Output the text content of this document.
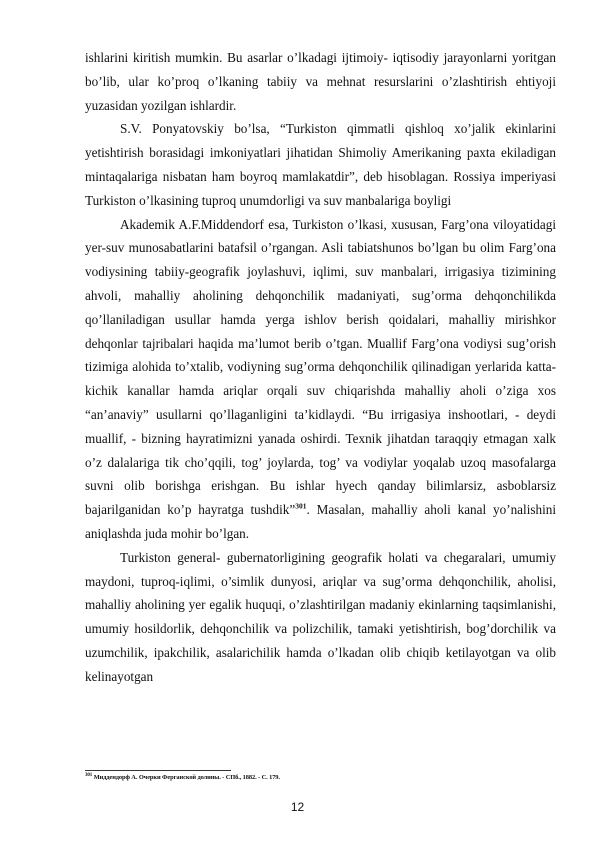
ishlarini kiritish mumkin. Bu asarlar o’lkadagi ijtimoiy- iqtisodiy jarayonlarni yoritgan bo’lib, ular ko’proq o’lkaning tabiiy va mehnat resurslarini o’zlashtirish ehtiyoji yuzasidan yozilgan ishlardir.

S.V. Ponyatovskiy bo’lsa, “Turkiston qimmatli qishloq xo’jalik ekinlarini yetishtirish borasidagi imkoniyatlari jihatidan Shimoliy Amerikaning paxta ekiladigan mintaqalariga nisbatan ham boyroq mamlakatdir”, deb hisoblagan. Rossiya imperiyasi Turkiston o’lkasining tuproq unumdorligi va suv manbalariga boyligi

Akademik A.F.Middendorf esa, Turkiston o’lkasi, xususan, Farg’ona viloyatidagi yer-suv munosabatlarini batafsil o’rgangan. Asli tabiatshunos bo’lgan bu olim Farg’ona vodiysining tabiiy-geografik joylashuvi, iqlimi, suv manbalari, irrigasiya tizimining ahvoli, mahalliy aholining dehqonchilik madaniyati, sug’orma dehqonchilikda qo’llaniladigan usullar hamda yerga ishlov berish qoidalari, mahalliy mirishkor dehqonlar tajribalari haqida ma’lumot berib o’tgan. Muallif Farg’ona vodiysi sug’orish tizimiga alohida to’xtalib, vodiyning sug’orma dehqonchilik qilinadigan yerlarida katta-kichik kanallar hamda ariqlar orqali suv chiqarishda mahalliy aholi o’ziga xos “an’anaviy” usullarni qo’llaganligini ta’kidlaydi. “Bu irrigasiya inshootlari, - deydi muallif, - bizning hayratimizni yanada oshirdi. Texnik jihatdan taraqqiy etmagan xalk o’z dalalariga tik cho’qqili, tog’ joylarda, tog’ va vodiylar yoqalab uzoq masofalarga suvni olib borishga erishgan. Bu ishlar hyech qanday bilimlarsiz, asboblarsiz bajarilganidan ko’p hayratga tushdik”$^{301}$. Masalan, mahalliy aholi kanal yo’nalishini aniqlashda juda mohir bo’lgan.

Turkiston general- gubernatorligining geografik holati va chegaralari, umumiy maydoni, tuproq-iqlimi, o’simlik dunyosi, ariqlar va sug’orma dehqonchilik, aholisi, mahalliy aholining yer egalik huquqi, o’zlashtirilgan madaniy ekinlarning taqsimlanishi, umumiy hosildorlik, dehqonchilik va polizchilik, tamaki yetishtirish, bog’dorchilik va uzumchilik, ipakchilik, asalarichilik hamda o’lkadan olib chiqib ketilayotgan va olib kelinayotgan

$^{301}$ Миддендорф А. Очерки Ферганской долины. - СПб., 1882. - С. 179.
12
